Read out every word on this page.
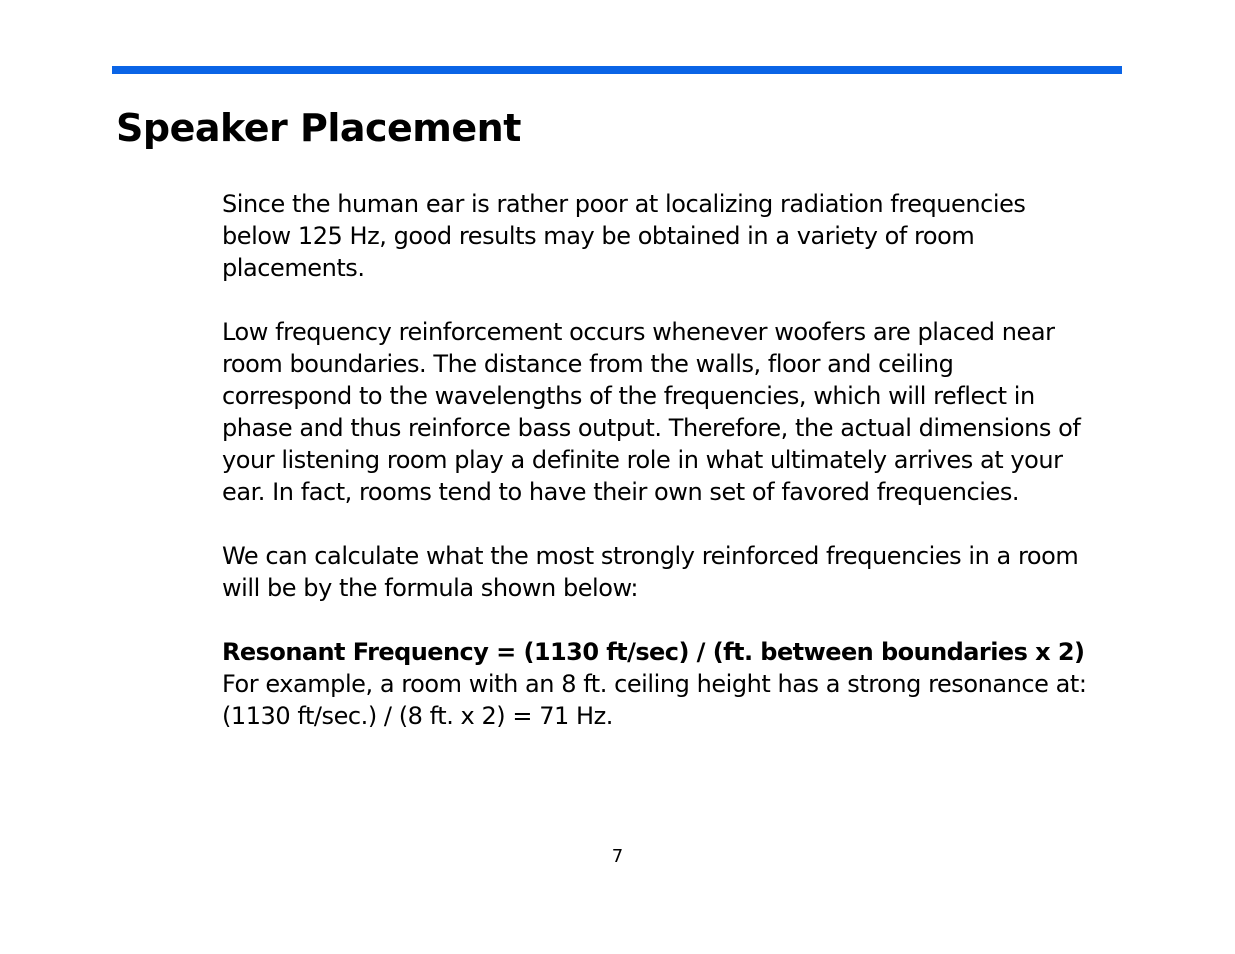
Speaker Placement

Since the human ear is rather poor at localizing radiation frequencies
below 125 Hz, good results may be obtained in a variety of room
placements.

Low frequency reinforcement occurs whenever woofers are placed near
room boundaries. The distance from the walls, floor and ceiling
correspond to the wavelengths of the frequencies, which will reflect in
phase and thus reinforce bass output. Therefore, the actual dimensions of
your listening room play a definite role in what ultimately arrives at your
ear. In fact, rooms tend to have their own set of favored frequencies.

We can calculate what the most strongly reinforced frequencies in a room
will be by the formula shown below:

Resonant Frequency = (1130 ft/sec) / (ft. between boundaries x 2)
For example, a room with an 8 ft. ceiling height has a strong resonance at:
(1130 ft/sec.) / (8 ft. x 2) = 71 Hz.

7
